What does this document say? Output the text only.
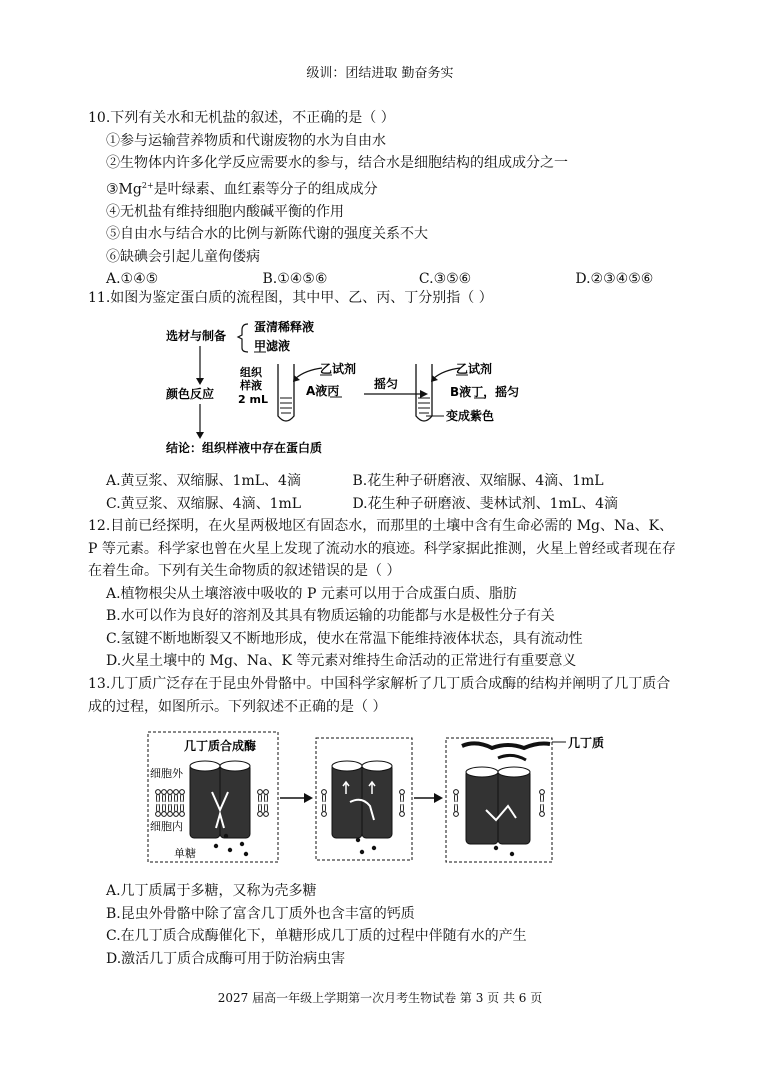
级训：团结进取 勤奋务实
10.下列有关水和无机盐的叙述，不正确的是（ ）
①参与运输营养物质和代谢废物的水为自由水
②生物体内许多化学反应需要水的参与，结合水是细胞结构的组成成分之一
$③Mg^{2+}$是叶绿素、血红素等分子的组成成分
④无机盐有维持细胞内酸碱平衡的作用
⑤自由水与结合水的比例与新陈代谢的强度关系不大
⑥缺碘会引起儿童佝偻病
A.①④⑤	B.①④⑤⑥	C.③⑤⑥	D.②③④⑤⑥
11.如图为鉴定蛋白质的流程图，其中甲、乙、丙、丁分别指（ ）
选材与制备
蛋清稀释液
甲滤液
颜色反应
组织
样液
2 mL
乙试剂
A液丙	摇匀
乙试剂
B液丁，摇匀
变成紫色
结论：组织样液中存在蛋白质
A.黄豆浆、双缩脲、1mL、4滴	B.花生种子研磨液、双缩脲、4滴、1mL
C.黄豆浆、双缩脲、4滴、1mL	D.花生种子研磨液、斐林试剂、1mL、4滴
12.目前已经探明，在火星两极地区有固态水，而那里的土壤中含有生命必需的 Mg、Na、K、P 等元素。科学家也曾在火星上发现了流动水的痕迹。科学家据此推测，火星上曾经或者现在存在着生命。下列有关生命物质的叙述错误的是（ ）
A.植物根尖从土壤溶液中吸收的 P 元素可以用于合成蛋白质、脂肪
B.水可以作为良好的溶剂及其具有物质运输的功能都与水是极性分子有关
C.氢键不断地断裂又不断地形成，使水在常温下能维持液体状态，具有流动性
D.火星土壤中的 Mg、Na、K 等元素对维持生命活动的正常进行有重要意义
13.几丁质广泛存在于昆虫外骨骼中。中国科学家解析了几丁质合成酶的结构并阐明了几丁质合成的过程，如图所示。下列叙述不正确的是（ ）
几丁质合成酶
细胞外
细胞内
单糖
几丁质
A.几丁质属于多糖，又称为壳多糖
B.昆虫外骨骼中除了富含几丁质外也含丰富的钙质
C.在几丁质合成酶催化下，单糖形成几丁质的过程中伴随有水的产生
D.激活几丁质合成酶可用于防治病虫害
2027 届高一年级上学期第一次月考生物试卷 第 3 页 共 6 页
